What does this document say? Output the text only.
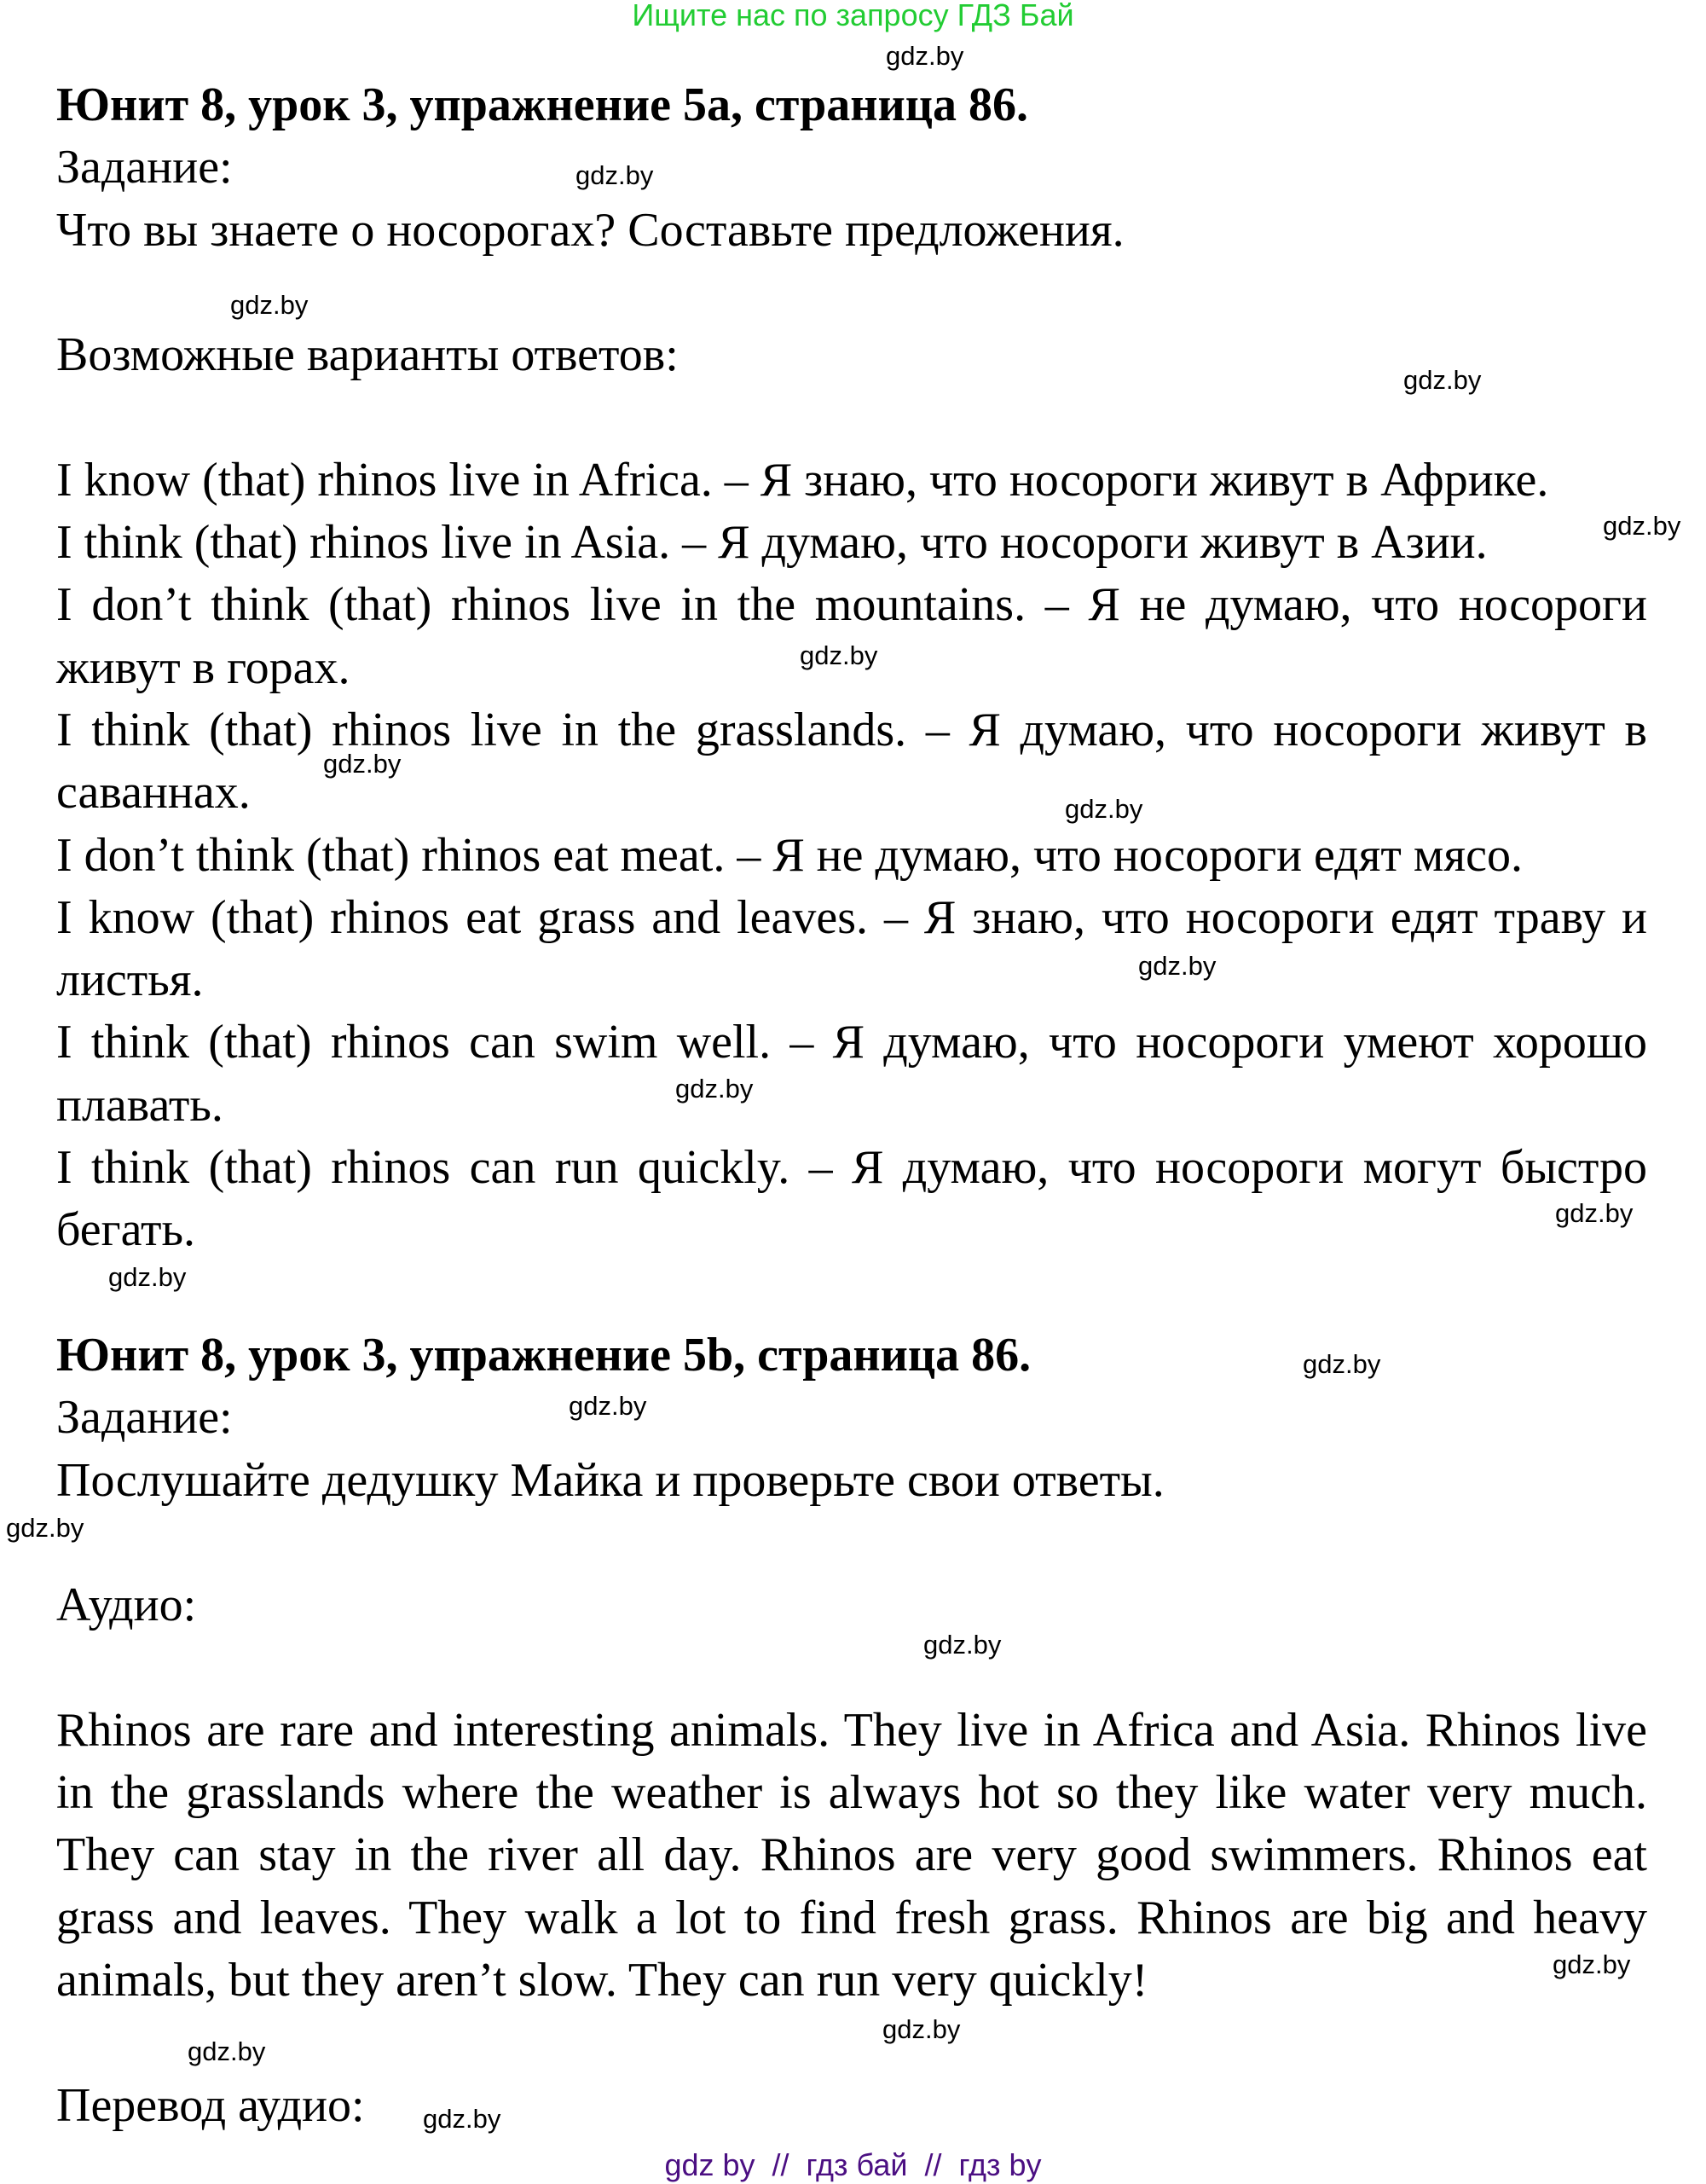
Ищите нас по запросу ГДЗ Бай
Юнит 8, урок 3, упражнение 5a, страница 86.
Задание:
Что вы знаете о носорогах? Составьте предложения.
Возможные варианты ответов:
I know (that) rhinos live in Africa. – Я знаю, что носороги живут в Африке.
I think (that) rhinos live in Asia. – Я думаю, что носороги живут в Азии.
I don’t think (that) rhinos live in the mountains. – Я не думаю, что носороги живут в горах.
I think (that) rhinos live in the grasslands. – Я думаю, что носороги живут в саваннах.
I don’t think (that) rhinos eat meat. – Я не думаю, что носороги едят мясо.
I know (that) rhinos eat grass and leaves. – Я знаю, что носороги едят траву и листья.
I think (that) rhinos can swim well. – Я думаю, что носороги умеют хорошо плавать.
I think (that) rhinos can run quickly. – Я думаю, что носороги могут быстро бегать.
Юнит 8, урок 3, упражнение 5b, страница 86.
Задание:
Послушайте дедушку Майка и проверьте свои ответы.
Аудио:
Rhinos are rare and interesting animals. They live in Africa and Asia. Rhinos live in the grasslands where the weather is always hot so they like water very much. They can stay in the river all day. Rhinos are very good swimmers. Rhinos eat grass and leaves. They walk a lot to find fresh grass. Rhinos are big and heavy animals, but they aren’t slow. They can run very quickly!
Перевод аудио:
gdz.by
gdz.by
gdz.by
gdz.by
gdz.by
gdz.by
gdz.by
gdz.by
gdz.by
gdz.by
gdz.by
gdz.by
gdz.by
gdz.by
gdz.by
gdz.by
gdz.by
gdz.by
gdz.by
gdz.by
gdz by  //  гдз бай  //  гдз by
